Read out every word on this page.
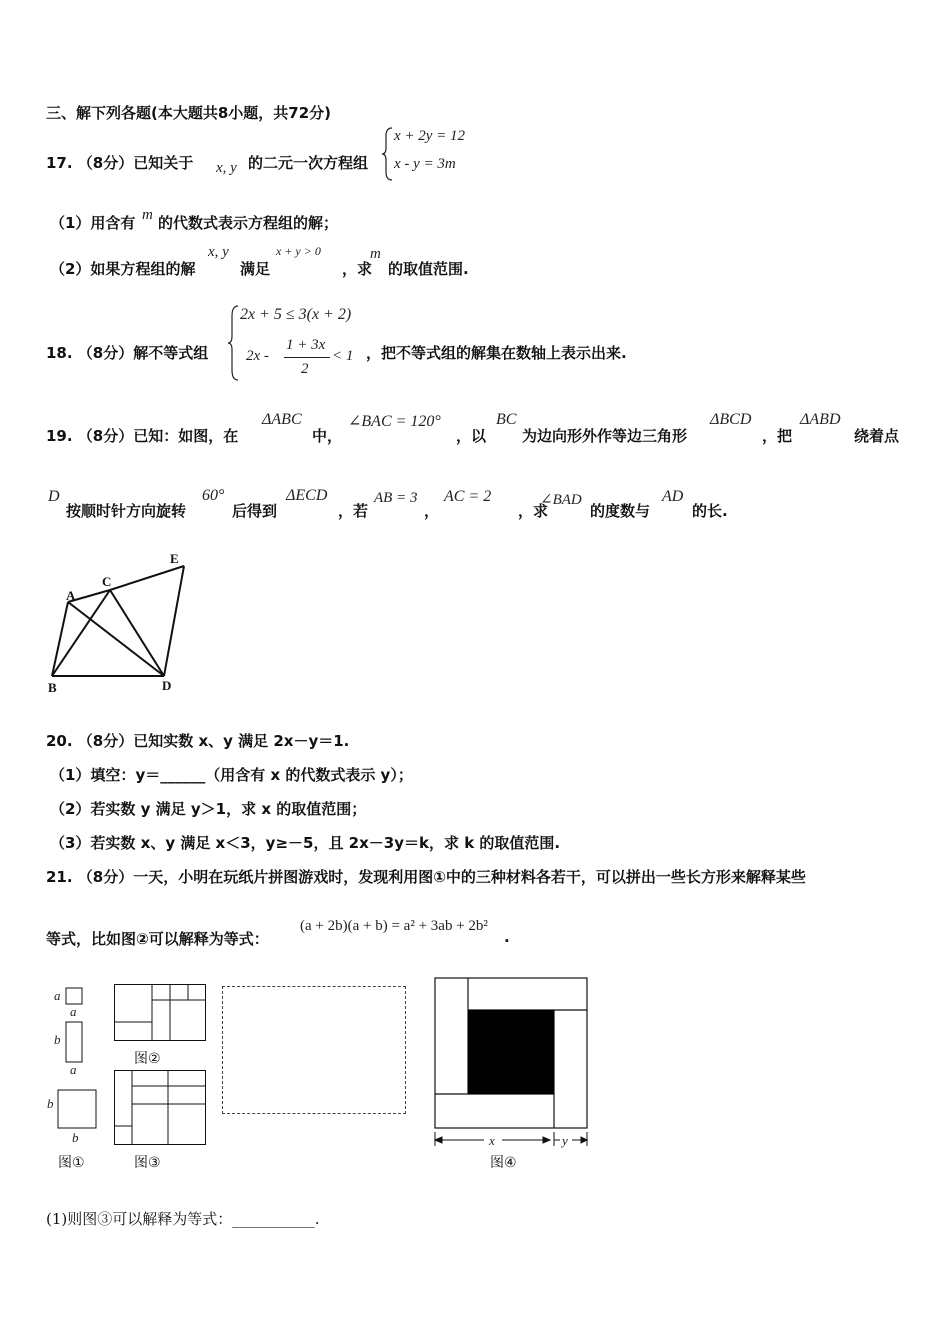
三、解下列各题(本大题共8小题，共72分)
17. （8分）已知关于 x, y 的二元一次方程组
x + 2y = 12
x - y = 3m
（1）用含有 m 的代数式表示方程组的解；
（2）如果方程组的解
x, y
满足
x + y > 0
，求
m
的取值范围.
18. （8分）解不等式组
2x + 5 ≤ 3(x + 2)
2x -
1 + 3x
2
< 1 ，把不等式组的解集在数轴上表示出来.
19. （8分）已知：如图，在
ΔABC
中，
∠BAC = 120°
，以
BC
为边向形外作等边三角形
ΔBCD
，把
ΔABD
绕着点
D
按顺时针方向旋转
60°
后得到
ΔECD
，若
AB = 3
，
AC = 2
，求
∠BAD
的度数与
AD
的长.
A
C
E
B	D
20. （8分）已知实数 x、y 满足 2x－y＝1.
（1）填空：y＝______（用含有 x 的代数式表示 y）；
（2）若实数 y 满足 y＞1，求 x 的取值范围；
（3）若实数 x、y 满足 x＜3，y≥－5，且 2x－3y＝k，求 k 的取值范围.
21. （8分）一天，小明在玩纸片拼图游戏时，发现利用图①中的三种材料各若干，可以拼出一些长方形来解释某些
等式，比如图②可以解释为等式：
(a + 2b)(a + b) = a² + 3ab + 2b²
.
a
a
b
a
b
b
图①
图②
图③
x	y
图④
(1)则图③可以解释为等式：___________.
